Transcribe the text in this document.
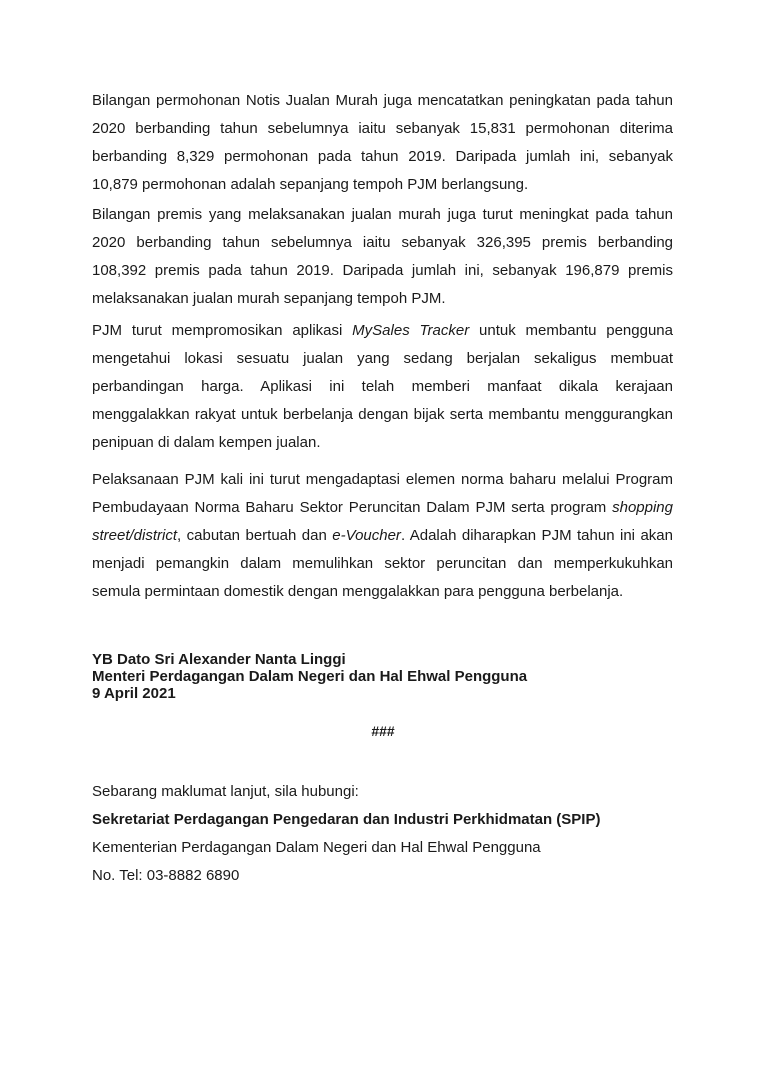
Bilangan permohonan Notis Jualan Murah juga mencatatkan peningkatan pada tahun
2020 berbanding tahun sebelumnya iaitu sebanyak 15,831 permohonan diterima
berbanding 8,329 permohonan pada tahun 2019. Daripada jumlah ini, sebanyak
10,879 permohonan adalah sepanjang tempoh PJM berlangsung.
Bilangan premis yang melaksanakan jualan murah juga turut meningkat pada tahun
2020 berbanding tahun sebelumnya iaitu sebanyak 326,395 premis berbanding
108,392 premis pada tahun 2019. Daripada jumlah ini, sebanyak 196,879 premis
melaksanakan jualan murah sepanjang tempoh PJM.
PJM turut mempromosikan aplikasi MySales Tracker untuk membantu pengguna
mengetahui lokasi sesuatu jualan yang sedang berjalan sekaligus membuat
perbandingan harga. Aplikasi ini telah memberi manfaat dikala kerajaan
menggalakkan rakyat untuk berbelanja dengan bijak serta membantu menggurangkan
penipuan di dalam kempen jualan.
Pelaksanaan PJM kali ini turut mengadaptasi elemen norma baharu melalui Program
Pembudayaan Norma Baharu Sektor Peruncitan Dalam PJM serta program shopping
street/district, cabutan bertuah dan e-Voucher. Adalah diharapkan PJM tahun ini akan
menjadi pemangkin dalam memulihkan sektor peruncitan dan memperkukuhkan
semula permintaan domestik dengan menggalakkan para pengguna berbelanja.
YB Dato Sri Alexander Nanta Linggi
Menteri Perdagangan Dalam Negeri dan Hal Ehwal Pengguna
9 April 2021
###
Sebarang maklumat lanjut, sila hubungi:
Sekretariat Perdagangan Pengedaran dan Industri Perkhidmatan (SPIP)
Kementerian Perdagangan Dalam Negeri dan Hal Ehwal Pengguna
No. Tel: 03-8882 6890
